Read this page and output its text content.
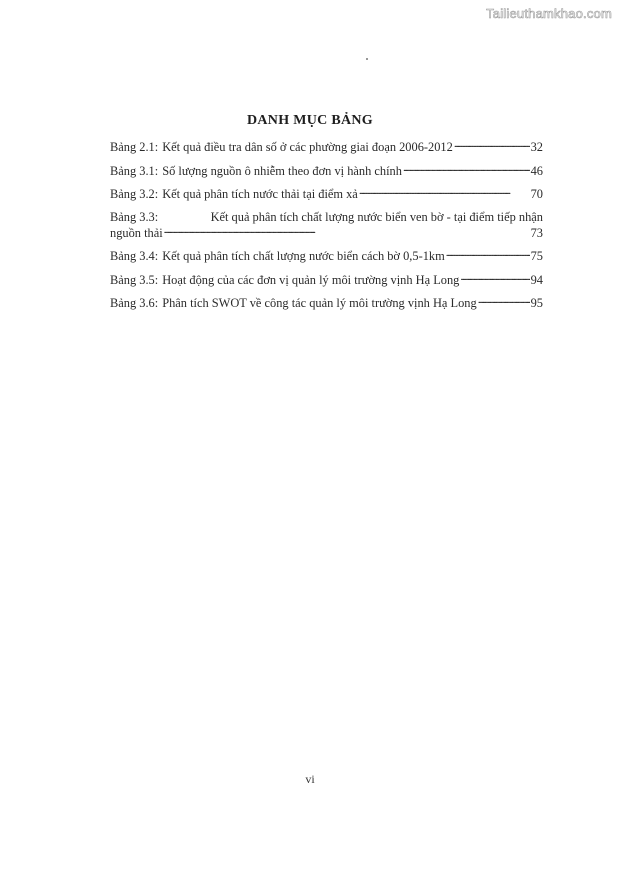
Tailieuthamkhao.com
DANH MỤC BẢNG
Bảng 2.1: Kết quả điều tra dân số ở các phường giai đoạn 2006-2012 . . .	32
Bảng 3.1: Số lượng nguồn ô nhiễm theo đơn vị hành chính . . .	46
Bảng 3.2: Kết quả phân tích nước thải tại điểm xả . . .	70
Bảng 3.3:	Kết quả phân tích chất lượng nước biển ven bờ - tại điểm tiếp nhận
nguồn thải . . .	73
Bảng 3.4: Kết quả phân tích chất lượng nước biển cách bờ 0,5-1km . . .	75
Bảng 3.5: Hoạt động của các đơn vị quản lý môi trường vịnh Hạ Long . . .	94
Bảng 3.6: Phân tích SWOT về công tác quản lý môi trường vịnh Hạ Long . . .	95
vi
